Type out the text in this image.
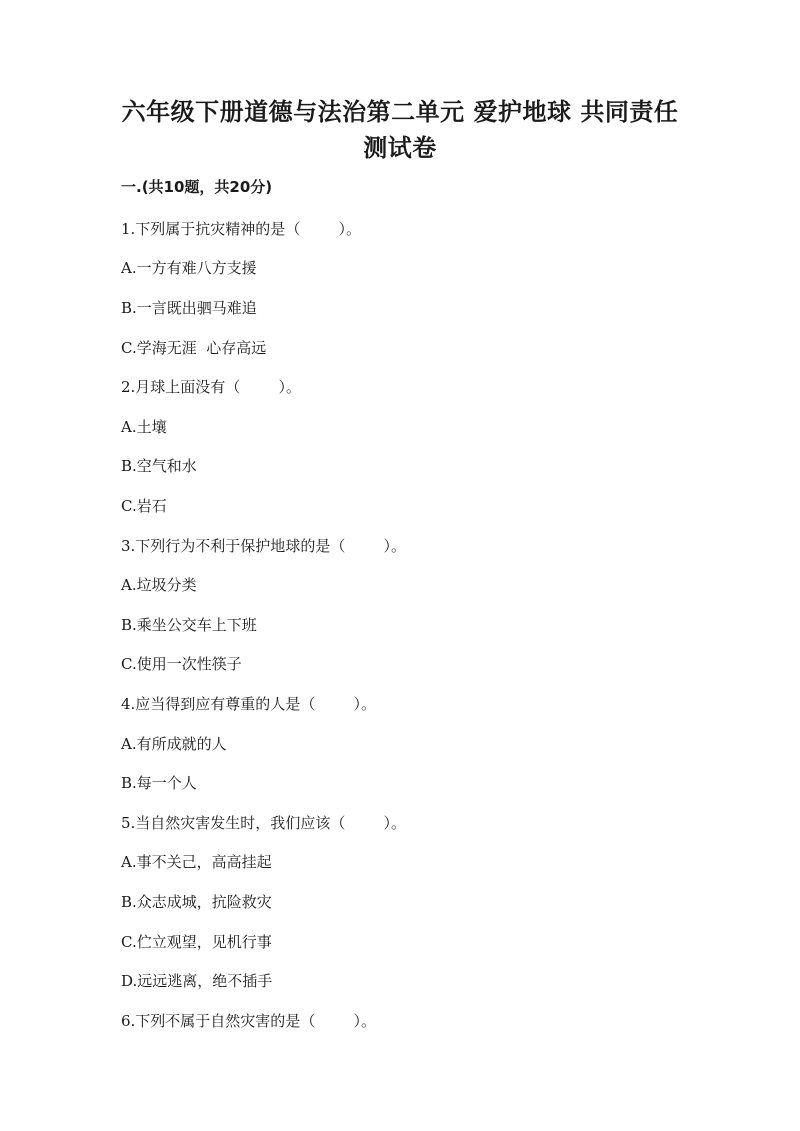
六年级下册道德与法治第二单元 爱护地球 共同责任 测试卷
一.(共10题，共20分)
1.下列属于抗灾精神的是（        ）。
A.一方有难八方支援
B.一言既出驷马难追
C.学海无涯  心存高远
2.月球上面没有（        ）。
A.土壤
B.空气和水
C.岩石
3.下列行为不利于保护地球的是（        ）。
A.垃圾分类
B.乘坐公交车上下班
C.使用一次性筷子
4.应当得到应有尊重的人是（        ）。
A.有所成就的人
B.每一个人
5.当自然灾害发生时，我们应该（        ）。
A.事不关己，高高挂起
B.众志成城，抗险救灾
C.伫立观望，见机行事
D.远远逃离，绝不插手
6.下列不属于自然灾害的是（        ）。
